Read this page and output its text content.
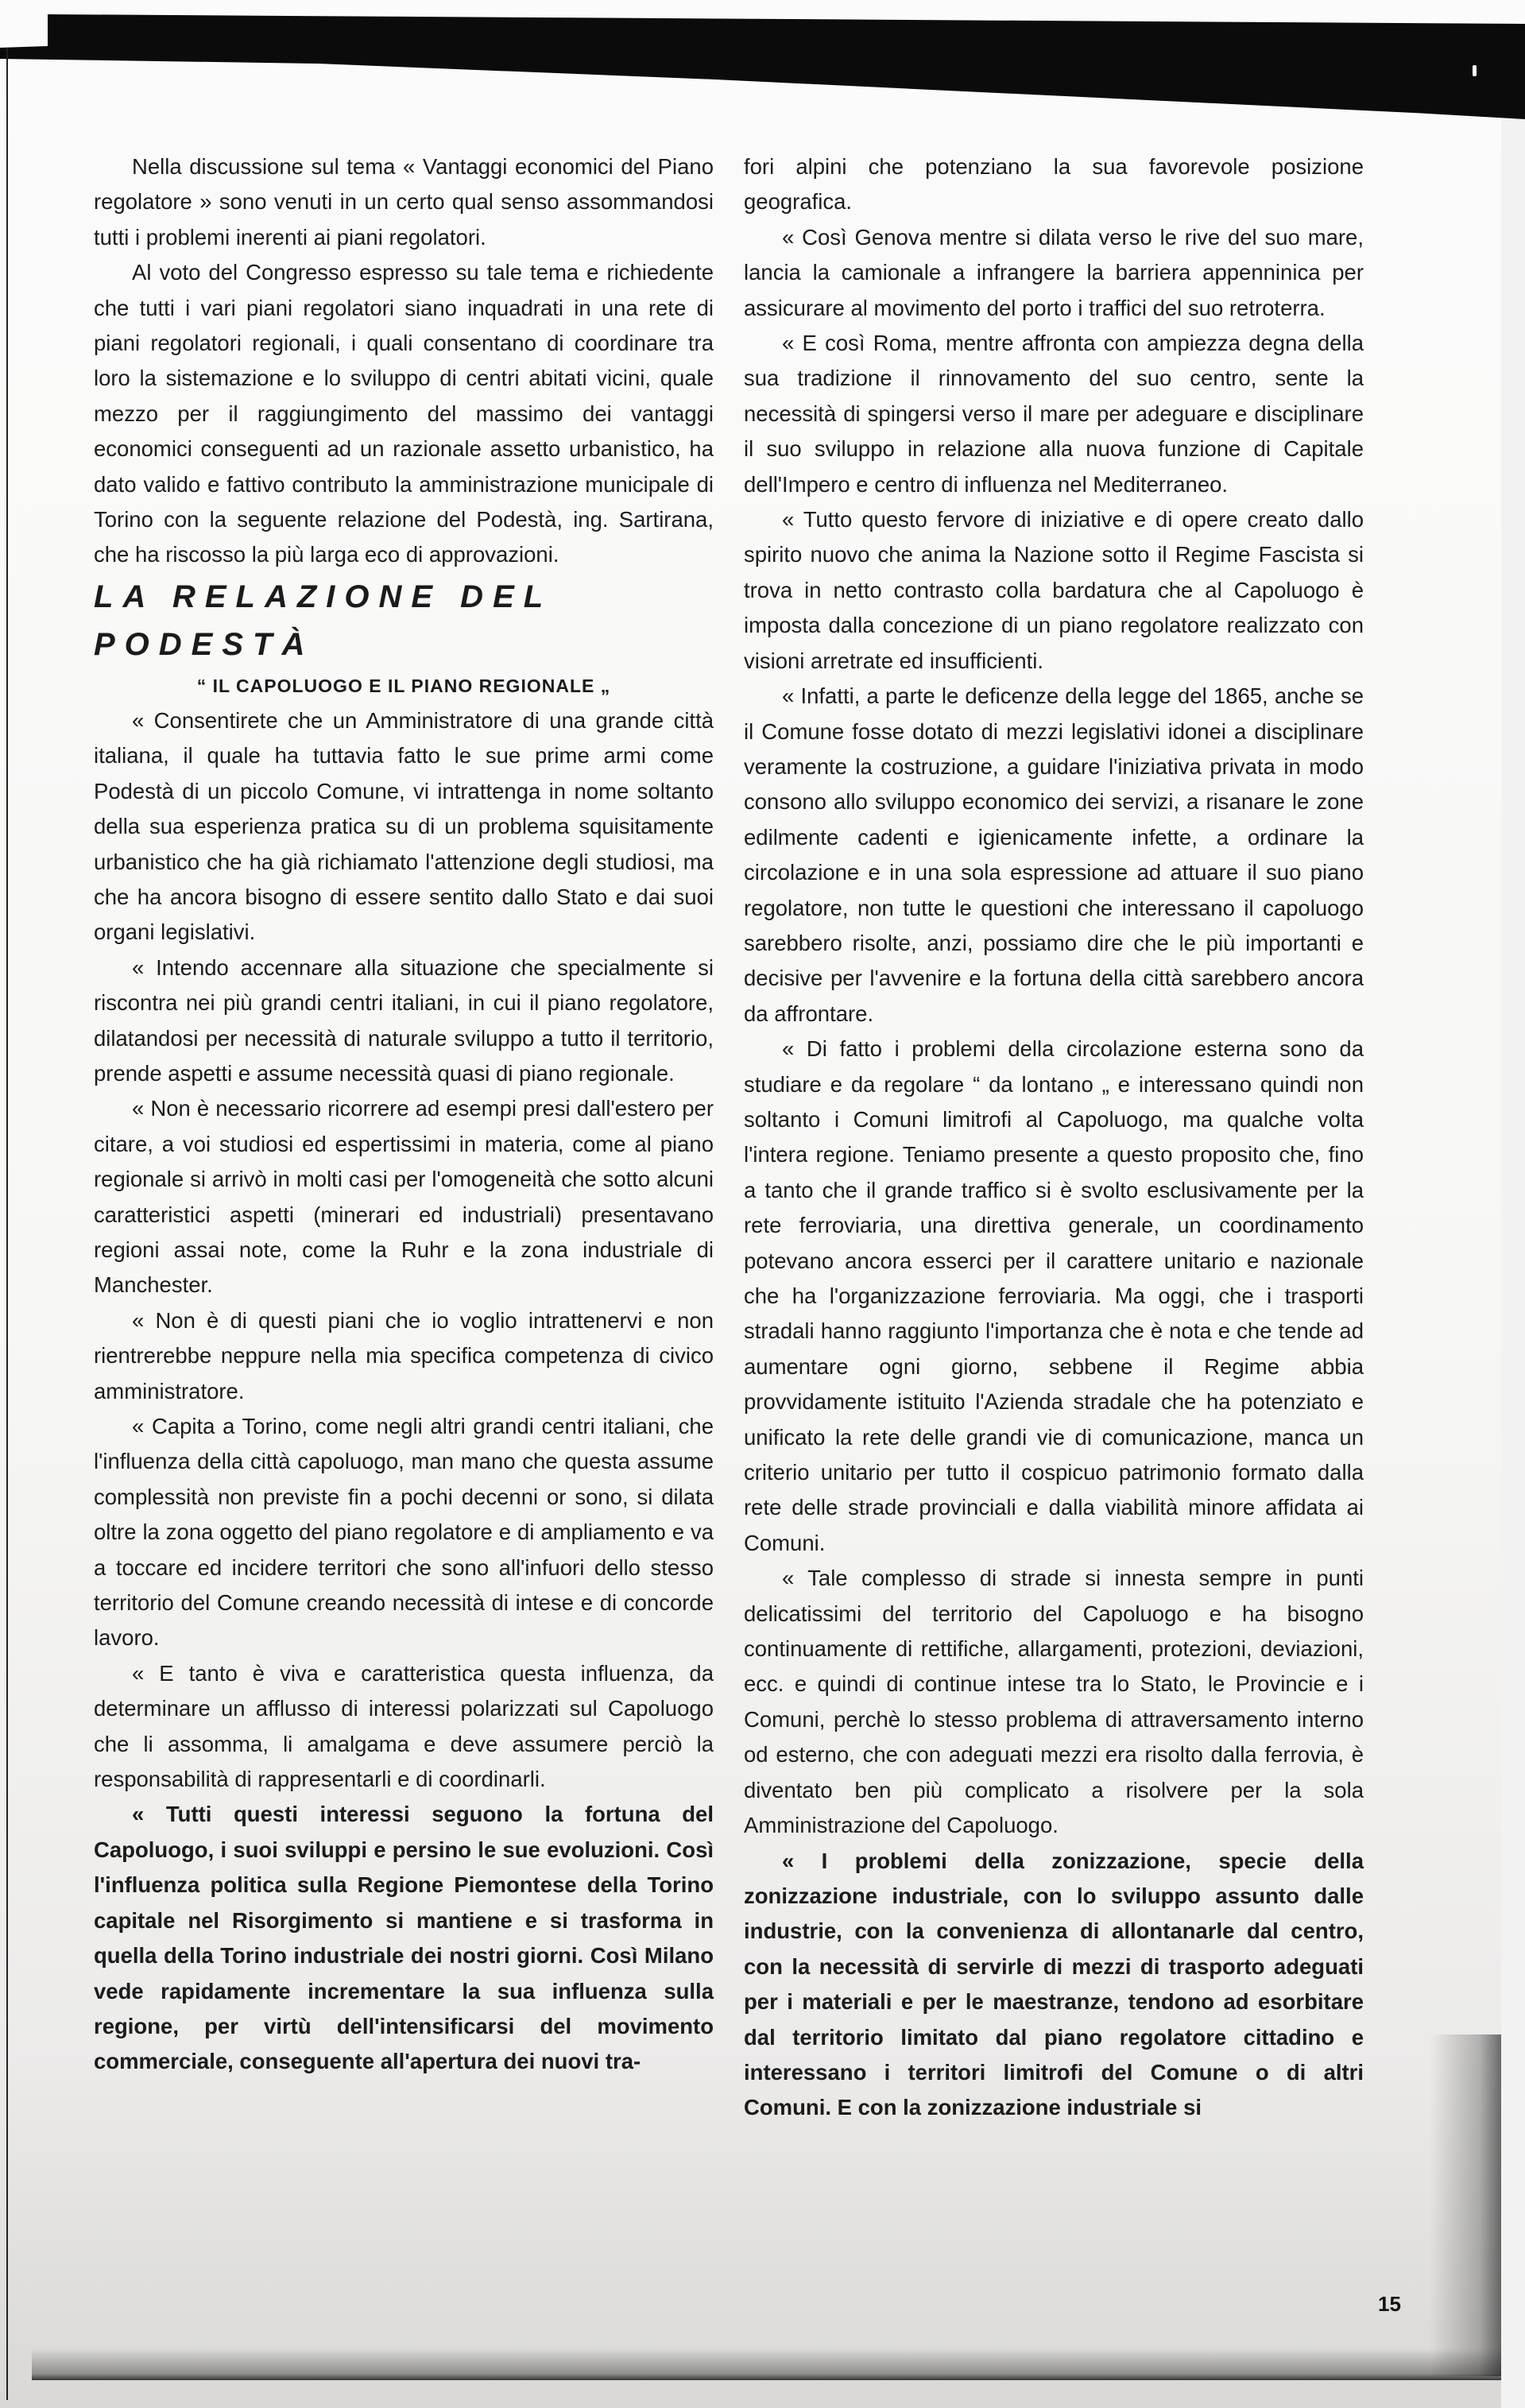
Nella discussione sul tema « Vantaggi economici del Piano regolatore » sono venuti in un certo qual senso assommandosi tutti i problemi inerenti ai piani regolatori.

Al voto del Congresso espresso su tale tema e richiedente che tutti i vari piani regolatori siano inquadrati in una rete di piani regolatori regionali, i quali consentano di coordinare tra loro la sistemazione e lo sviluppo di centri abitati vicini, quale mezzo per il raggiungimento del massimo dei vantaggi economici conseguenti ad un razionale assetto urbanistico, ha dato valido e fattivo contributo la amministrazione municipale di Torino con la seguente relazione del Podestà, ing. Sartirana, che ha riscosso la più larga eco di approvazioni.

LA RELAZIONE DEL PODESTÀ

“ IL CAPOLUOGO E IL PIANO REGIONALE „

« Consentirete che un Amministratore di una grande città italiana, il quale ha tuttavia fatto le sue prime armi come Podestà di un piccolo Comune, vi intrattenga in nome soltanto della sua esperienza pratica su di un problema squisitamente urbanistico che ha già richiamato l'attenzione degli studiosi, ma che ha ancora bisogno di essere sentito dallo Stato e dai suoi organi legislativi.

« Intendo accennare alla situazione che specialmente si riscontra nei più grandi centri italiani, in cui il piano regolatore, dilatandosi per necessità di naturale sviluppo a tutto il territorio, prende aspetti e assume necessità quasi di piano regionale.

« Non è necessario ricorrere ad esempi presi dall'estero per citare, a voi studiosi ed espertissimi in materia, come al piano regionale si arrivò in molti casi per l'omogeneità che sotto alcuni caratteristici aspetti (minerari ed industriali) presentavano regioni assai note, come la Ruhr e la zona industriale di Manchester.

« Non è di questi piani che io voglio intrattenervi e non rientrerebbe neppure nella mia specifica competenza di civico amministratore.

« Capita a Torino, come negli altri grandi centri italiani, che l'influenza della città capoluogo, man mano che questa assume complessità non previste fin a pochi decenni or sono, si dilata oltre la zona oggetto del piano regolatore e di ampliamento e va a toccare ed incidere territori che sono all'infuori dello stesso territorio del Comune creando necessità di intese e di concorde lavoro.

« E tanto è viva e caratteristica questa influenza, da determinare un afflusso di interessi polarizzati sul Capoluogo che li assomma, li amalgama e deve assumere perciò la responsabilità di rappresentarli e di coordinarli.

« Tutti questi interessi seguono la fortuna del Capoluogo, i suoi sviluppi e persino le sue evoluzioni. Così l'influenza politica sulla Regione Piemontese della Torino capitale nel Risorgimento si mantiene e si trasforma in quella della Torino industriale dei nostri giorni. Così Milano vede rapidamente incrementare la sua influenza sulla regione, per virtù dell'intensificarsi del movimento commerciale, conseguente all'apertura dei nuovi tra-

fori alpini che potenziano la sua favorevole posizione geografica.

« Così Genova mentre si dilata verso le rive del suo mare, lancia la camionale a infrangere la barriera appenninica per assicurare al movimento del porto i traffici del suo retroterra.

« E così Roma, mentre affronta con ampiezza degna della sua tradizione il rinnovamento del suo centro, sente la necessità di spingersi verso il mare per adeguare e disciplinare il suo sviluppo in relazione alla nuova funzione di Capitale dell'Impero e centro di influenza nel Mediterraneo.

« Tutto questo fervore di iniziative e di opere creato dallo spirito nuovo che anima la Nazione sotto il Regime Fascista si trova in netto contrasto colla bardatura che al Capoluogo è imposta dalla concezione di un piano regolatore realizzato con visioni arretrate ed insufficienti.

« Infatti, a parte le deficenze della legge del 1865, anche se il Comune fosse dotato di mezzi legislativi idonei a disciplinare veramente la costruzione, a guidare l'iniziativa privata in modo consono allo sviluppo economico dei servizi, a risanare le zone edilmente cadenti e igienicamente infette, a ordinare la circolazione e in una sola espressione ad attuare il suo piano regolatore, non tutte le questioni che interessano il capoluogo sarebbero risolte, anzi, possiamo dire che le più importanti e decisive per l'avvenire e la fortuna della città sarebbero ancora da affrontare.

« Di fatto i problemi della circolazione esterna sono da studiare e da regolare “ da lontano „ e interessano quindi non soltanto i Comuni limitrofi al Capoluogo, ma qualche volta l'intera regione. Teniamo presente a questo proposito che, fino a tanto che il grande traffico si è svolto esclusivamente per la rete ferroviaria, una direttiva generale, un coordinamento potevano ancora esserci per il carattere unitario e nazionale che ha l'organizzazione ferroviaria. Ma oggi, che i trasporti stradali hanno raggiunto l'importanza che è nota e che tende ad aumentare ogni giorno, sebbene il Regime abbia provvidamente istituito l'Azienda stradale che ha potenziato e unificato la rete delle grandi vie di comunicazione, manca un criterio unitario per tutto il cospicuo patrimonio formato dalla rete delle strade provinciali e dalla viabilità minore affidata ai Comuni.

« Tale complesso di strade si innesta sempre in punti delicatissimi del territorio del Capoluogo e ha bisogno continuamente di rettifiche, allargamenti, protezioni, deviazioni, ecc. e quindi di continue intese tra lo Stato, le Provincie e i Comuni, perchè lo stesso problema di attraversamento interno od esterno, che con adeguati mezzi era risolto dalla ferrovia, è diventato ben più complicato a risolvere per la sola Amministrazione del Capoluogo.

« I problemi della zonizzazione, specie della zonizzazione industriale, con lo sviluppo assunto dalle industrie, con la convenienza di allontanarle dal centro, con la necessità di servirle di mezzi di trasporto adeguati per i materiali e per le maestranze, tendono ad esorbitare dal territorio limitato dal piano regolatore cittadino e interessano i territori limitrofi del Comune o di altri Comuni. E con la zonizzazione industriale si

15
